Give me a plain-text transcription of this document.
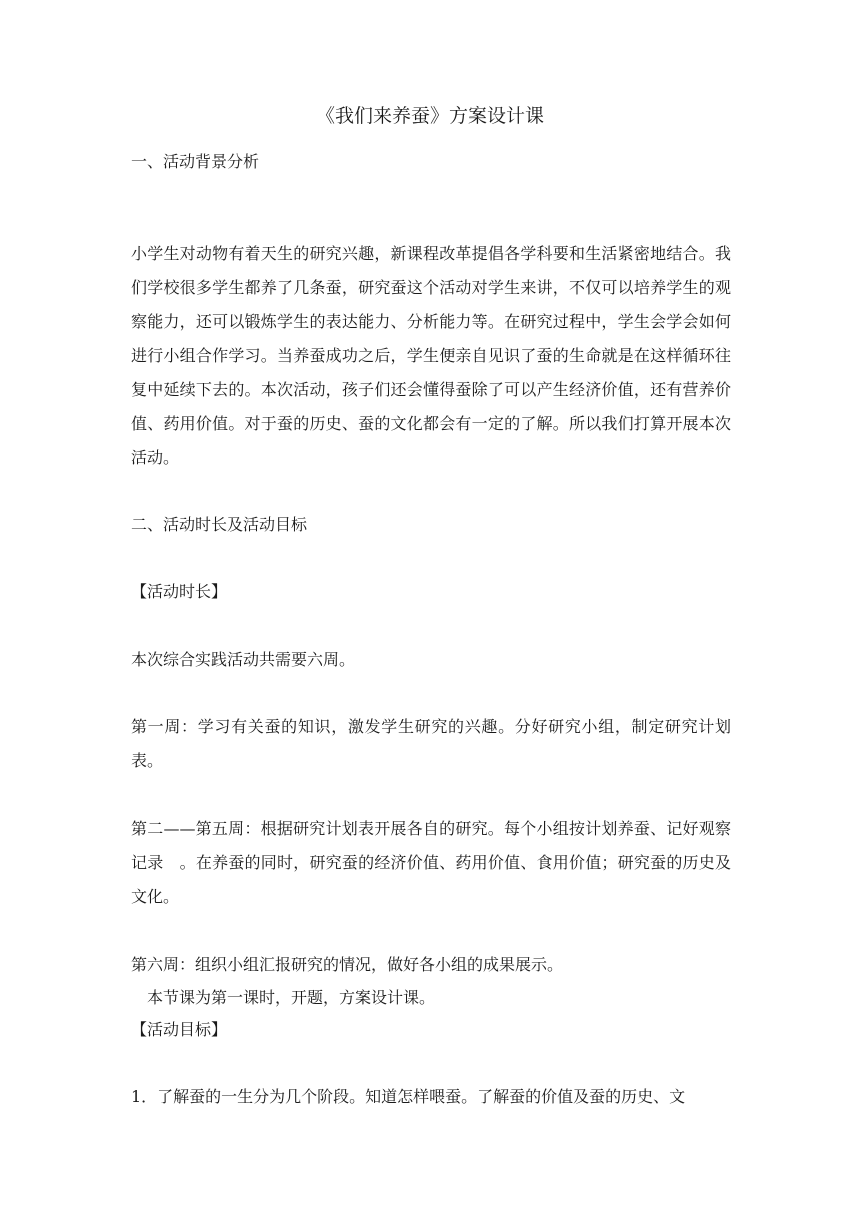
《我们来养蚕》方案设计课
一、活动背景分析
小学生对动物有着天生的研究兴趣，新课程改革提倡各学科要和生活紧密地结合。我们学校很多学生都养了几条蚕，研究蚕这个活动对学生来讲，不仅可以培养学生的观察能力，还可以锻炼学生的表达能力、分析能力等。在研究过程中，学生会学会如何进行小组合作学习。当养蚕成功之后，学生便亲自见识了蚕的生命就是在这样循环往复中延续下去的。本次活动，孩子们还会懂得蚕除了可以产生经济价值，还有营养价值、药用价值。对于蚕的历史、蚕的文化都会有一定的了解。所以我们打算开展本次活动。
二、活动时长及活动目标
【活动时长】
本次综合实践活动共需要六周。
第一周：学习有关蚕的知识，激发学生研究的兴趣。分好研究小组，制定研究计划表。
第二——第五周：根据研究计划表开展各自的研究。每个小组按计划养蚕、记好观察记录　。在养蚕的同时，研究蚕的经济价值、药用价值、食用价值；研究蚕的历史及文化。
第六周：组织小组汇报研究的情况，做好各小组的成果展示。
　本节课为第一课时，开题，方案设计课。
【活动目标】
1．了解蚕的一生分为几个阶段。知道怎样喂蚕。了解蚕的价值及蚕的历史、文
